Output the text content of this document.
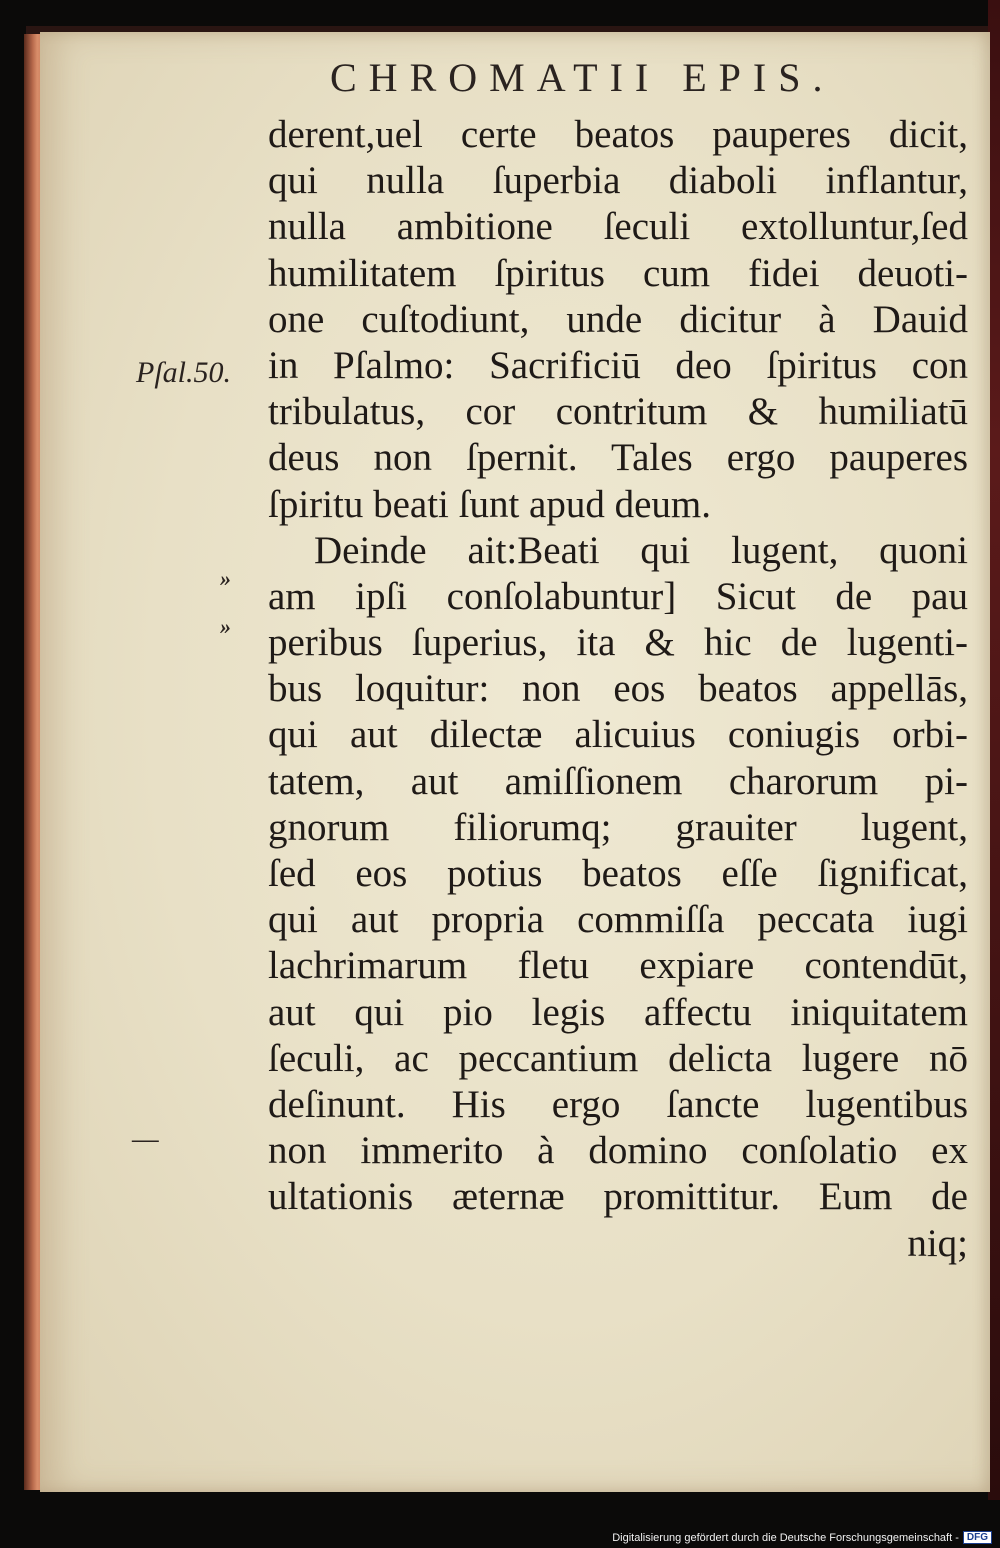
CHROMATII EPIS.
Pſal.50.
»
»
—
derent,uel certe beatos pauperes dicit,
qui nulla ſuperbia diaboli inflantur,
nulla ambitione ſeculi extolluntur,ſed
humilitatem ſpiritus cum fidei deuoti-
one cuſtodiunt, unde dicitur à Dauid
in Pſalmo: Sacrificiū deo ſpiritus con
tribulatus, cor contritum & humiliatū
deus non ſpernit. Tales ergo pauperes
ſpiritu beati ſunt apud deum.
Deinde ait:Beati qui lugent, quoni
am ipſi conſolabuntur] Sicut de pau
peribus ſuperius, ita & hic de lugenti-
bus loquitur: non eos beatos appellās,
qui aut dilectæ alicuius coniugis orbi-
tatem, aut amiſſionem charorum pi-
gnorum filiorumq; grauiter lugent,
ſed eos potius beatos eſſe ſignificat,
qui aut propria commiſſa peccata iugi
lachrimarum fletu expiare contendūt,
aut qui pio legis affectu iniquitatem
ſeculi, ac peccantium delicta lugere nō
deſinunt. His ergo ſancte lugentibus
non immerito à domino conſolatio ex
ultationis æternæ promittitur. Eum de
niq;
Digitalisierung gefördert durch die Deutsche Forschungsgemeinschaft - DFG
